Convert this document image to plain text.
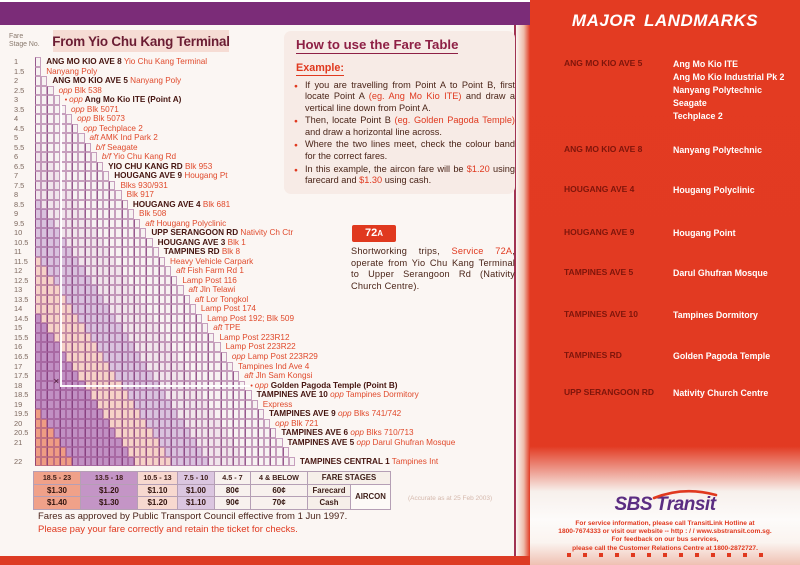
Fare
Stage No. From Yio Chu Kang Terminal
1	ANG MO KIO AVE 8 Yio Chu Kang Terminal
1.5	Nanyang Poly
2	ANG MO KIO AVE 5 Nanyang Poly
2.5	opp Blk 538
3	• opp Ang Mo Kio ITE (Point A)
3.5	opp Blk 5071
4	opp Blk 5073
4.5	opp Techplace 2
5	aft AMK Ind Park 2
5.5	b/f Seagate
6	b/f Yio Chu Kang Rd
6.5	YIO CHU KANG RD Blk 953
7	HOUGANG AVE 9 Hougang Pt
7.5	Blks 930/931
8	Blk 917
8.5	HOUGANG AVE 4 Blk 681
9	Blk 508
9.5	aft Hougang Polyclinic
10	UPP SERANGOON RD Nativity Ch Ctr
10.5	HOUGANG AVE 3 Blk 1
11	TAMPINES RD Blk 8
11.5	Heavy Vehicle Carpark
12	aft Fish Farm Rd 1
12.5	Lamp Post 116
13	aft Jln Telawi
13.5	aft Lor Tongkol
14	Lamp Post 174
14.5	Lamp Post 192; Blk 509
15	aft TPE
15.5	Lamp Post 223R12
16	Lamp Post 223R22
16.5	opp Lamp Post 223R29
17	Tampines Ind Ave 4
17.5	aft Jln Sam Kongsi
18	• opp Golden Pagoda Temple (Point B)
18.5	TAMPINES AVE 10 opp Tampines Dormitory
19	Express
19.5	TAMPINES AVE 9 opp Blks 741/742
20	opp Blk 721
20.5	TAMPINES AVE 6 opp Blks 710/713
21	TAMPINES AVE 5 opp Darul Ghufran Mosque
22	TAMPINES CENTRAL 1 Tampines Int
✕
18.5 - 23	13.5 - 18	10.5 - 13	7.5 - 10	4.5 - 7	4 & BELOW	FARE STAGES	
$1.30	$1.20	$1.10	$1.00	80¢	60¢	Farecard	AIRCON
$1.40	$1.30	$1.20	$1.10	90¢	70¢	Cash		(Accurate as at 25 Feb 2003)
Fares as approved by Public Transport Council effective from 1 Jun 1997.
Please pay your fare correctly and retain the ticket for checks.
How to use the Fare Table
Example:
● If you are travelling from Point A to Point B, first locate Point A (eg. Ang Mo Kio ITE) and draw a vertical line down from Point A.
● Then, locate Point B (eg. Golden Pagoda Temple) and draw a horizontal line across.
● Where the two lines meet, check the colour band for the correct fares.
● In this example, the aircon fare will be $1.20 using farecard and $1.30 using cash.
72 A
Shortworking trips, Service 72A, operate from Yio Chu Kang Terminal to Upper Serangoon Rd (Nativity Church Centre).
MAJOR LANDMARKS
ANG MO KIO AVE 5	Ang Mo Kio ITE
Ang Mo Kio Industrial Pk 2
Nanyang Polytechnic
Seagate
Techplace 2
ANG MO KIO AVE 8	Nanyang Polytechnic
HOUGANG AVE 4	Hougang Polyclinic
HOUGANG AVE 9	Hougang Point
TAMPINES AVE 5	Darul Ghufran Mosque
TAMPINES AVE 10	Tampines Dormitory
TAMPINES RD	Golden Pagoda Temple
UPP SERANGOON RD	Nativity Church Centre
SBS Transit
For service information, please call TransitLink Hotline at
1800-7674333 or visit our website -- http : / / www.sbstransit.com.sg.
For feedback on our bus services,
please call the Customer Relations Centre at 1800-2872727.
